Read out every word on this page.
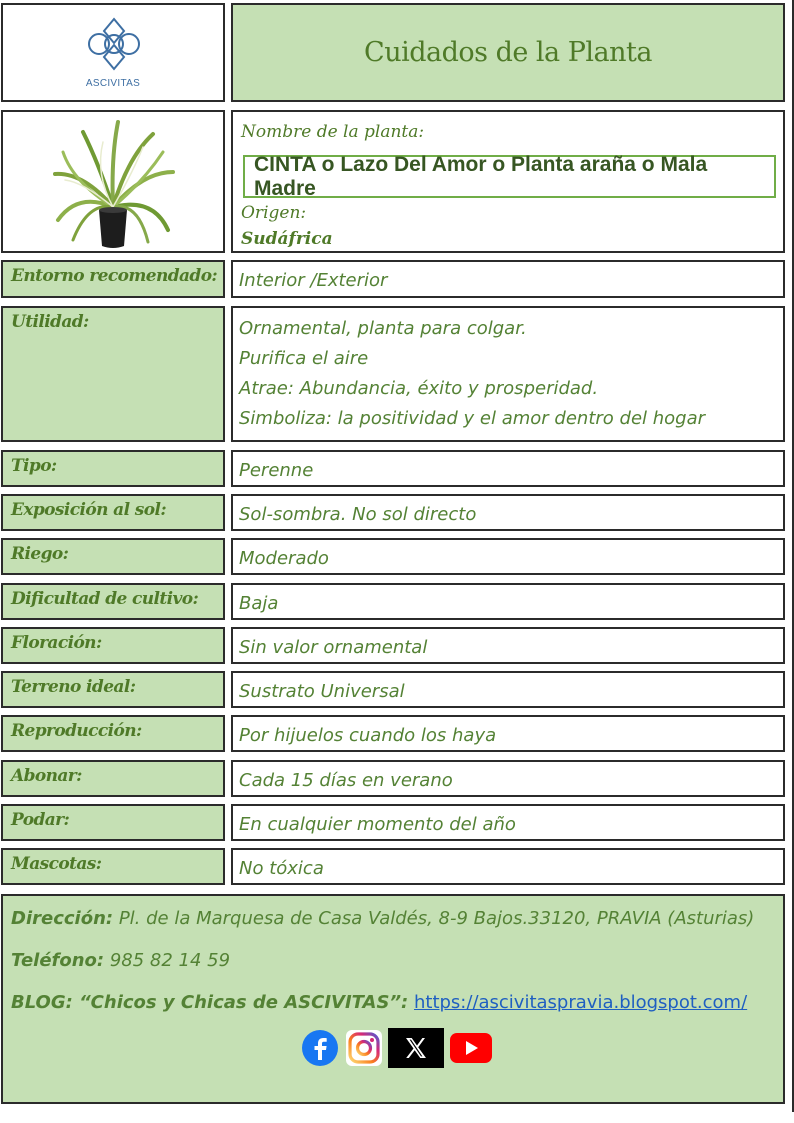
ASCIVITAS
Cuidados de la Planta
Nombre de la planta:
CINTA o Lazo Del Amor o Planta araña o Mala Madre
Origen:
Sudáfrica
Entorno recomendado:	Interior /Exterior
Utilidad:	Ornamental, planta para colgar.
Purifica el aire
Atrae: Abundancia, éxito y prosperidad.
Simboliza: la positividad y el amor dentro del hogar
Tipo:	Perenne
Exposición al sol:	Sol-sombra. No sol directo
Riego:	Moderado
Dificultad de cultivo:	Baja
Floración:	Sin valor ornamental
Terreno ideal:	Sustrato Universal
Reproducción:	Por hijuelos cuando los haya
Abonar:	Cada 15 días en verano
Podar:	En cualquier momento del año
Mascotas:	No tóxica
Dirección: Pl. de la Marquesa de Casa Valdés, 8-9 Bajos.33120, PRAVIA (Asturias)
Teléfono: 985 82 14 59
BLOG: “Chicos y Chicas de ASCIVITAS”: https://ascivitaspravia.blogspot.com/
